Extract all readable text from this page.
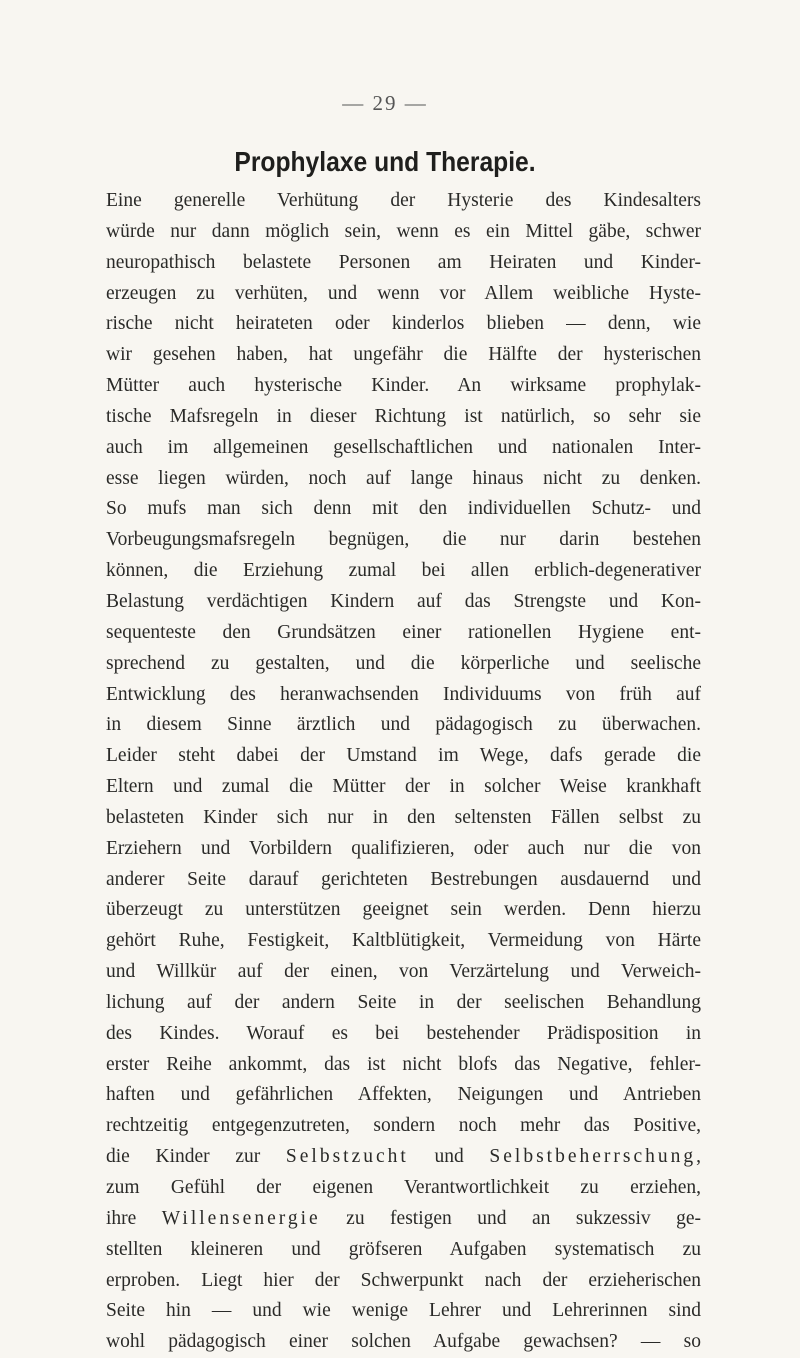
— 29 —
Prophylaxe und Therapie.
Eine generelle Verhütung der Hysterie des Kindesalters
würde nur dann möglich sein, wenn es ein Mittel gäbe, schwer
neuropathisch belastete Personen am Heiraten und Kinder-
erzeugen zu verhüten, und wenn vor Allem weibliche Hyste-
rische nicht heirateten oder kinderlos blieben — denn, wie
wir gesehen haben, hat ungefähr die Hälfte der hysterischen
Mütter auch hysterische Kinder. An wirksame prophylak-
tische Mafsregeln in dieser Richtung ist natürlich, so sehr sie
auch im allgemeinen gesellschaftlichen und nationalen Inter-
esse liegen würden, noch auf lange hinaus nicht zu denken.
So mufs man sich denn mit den individuellen Schutz- und
Vorbeugungsmafsregeln begnügen, die nur darin bestehen
können, die Erziehung zumal bei allen erblich-degenerativer
Belastung verdächtigen Kindern auf das Strengste und Kon-
sequenteste den Grundsätzen einer rationellen Hygiene ent-
sprechend zu gestalten, und die körperliche und seelische
Entwicklung des heranwachsenden Individuums von früh auf
in diesem Sinne ärztlich und pädagogisch zu überwachen.
Leider steht dabei der Umstand im Wege, dafs gerade die
Eltern und zumal die Mütter der in solcher Weise krankhaft
belasteten Kinder sich nur in den seltensten Fällen selbst zu
Erziehern und Vorbildern qualifizieren, oder auch nur die von
anderer Seite darauf gerichteten Bestrebungen ausdauernd und
überzeugt zu unterstützen geeignet sein werden. Denn hierzu
gehört Ruhe, Festigkeit, Kaltblütigkeit, Vermeidung von Härte
und Willkür auf der einen, von Verzärtelung und Verweich-
lichung auf der andern Seite in der seelischen Behandlung
des Kindes. Worauf es bei bestehender Prädisposition in
erster Reihe ankommt, das ist nicht blofs das Negative, fehler-
haften und gefährlichen Affekten, Neigungen und Antrieben
rechtzeitig entgegenzutreten, sondern noch mehr das Positive,
die Kinder zur Selbstzucht und Selbstbeherrschung,
zum Gefühl der eigenen Verantwortlichkeit zu erziehen,
ihre Willensenergie zu festigen und an sukzessiv ge-
stellten kleineren und gröfseren Aufgaben systematisch zu
erproben. Liegt hier der Schwerpunkt nach der erzieherischen
Seite hin — und wie wenige Lehrer und Lehrerinnen sind
wohl pädagogisch einer solchen Aufgabe gewachsen? — so
